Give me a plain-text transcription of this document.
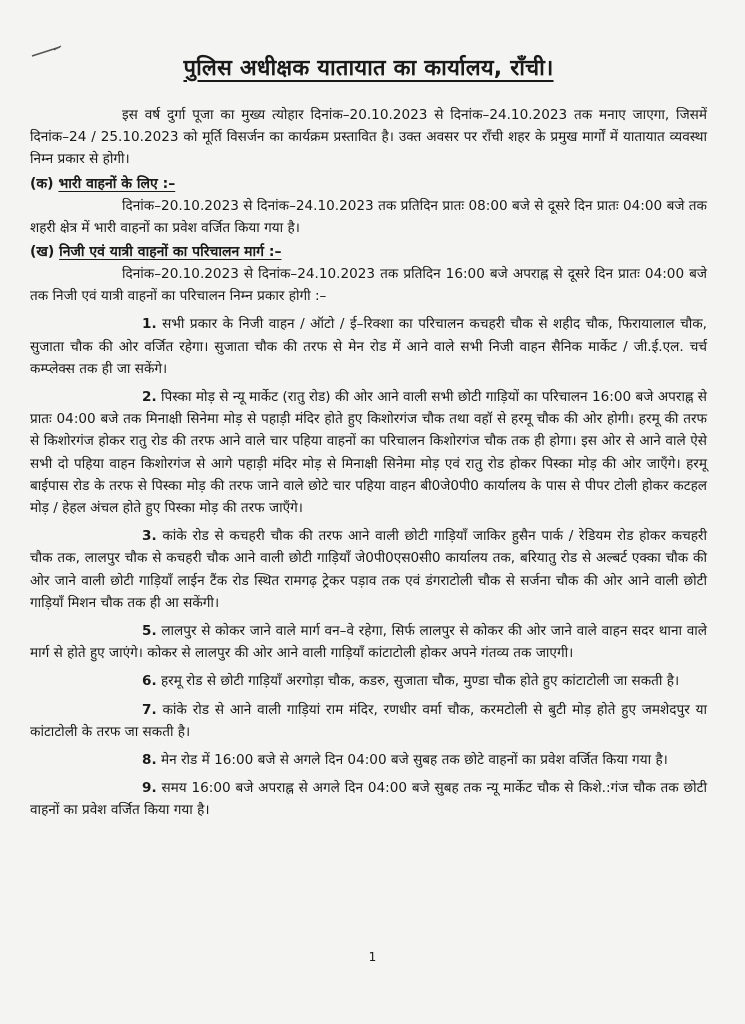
पुलिस अधीक्षक यातायात का कार्यालय, राँची।

इस वर्ष दुर्गा पूजा का मुख्य त्योहार दिनांक–20.10.2023 से दिनांक–24.10.2023 तक मनाए जाएगा, जिसमें दिनांक–24 / 25.10.2023 को मूर्ति विसर्जन का कार्यक्रम प्रस्तावित है। उक्त अवसर पर राँची शहर के प्रमुख मार्गों में यातायात व्यवस्था निम्न प्रकार से होगी।

(क) भारी वाहनों के लिए :–

दिनांक–20.10.2023 से दिनांक–24.10.2023 तक प्रतिदिन प्रातः 08:00 बजे से दूसरे दिन प्रातः 04:00 बजे तक शहरी क्षेत्र में भारी वाहनों का प्रवेश वर्जित किया गया है।

(ख) निजी एवं यात्री वाहनों का परिचालन मार्ग :–

दिनांक–20.10.2023 से दिनांक–24.10.2023 तक प्रतिदिन 16:00 बजे अपराह्न से दूसरे दिन प्रातः 04:00 बजे तक निजी एवं यात्री वाहनों का परिचालन निम्न प्रकार होगी :–

1. सभी प्रकार के निजी वाहन / ऑटो / ई–रिक्शा का परिचालन कचहरी चौक से शहीद चौक, फिरायालाल चौक, सुजाता चौक की ओर वर्जित रहेगा। सुजाता चौक की तरफ से मेन रोड में आने वाले सभी निजी वाहन सैनिक मार्केट / जी.ई.एल. चर्च कम्प्लेक्स तक ही जा सकेंगे।

2. पिस्का मोड़ से न्यू मार्केट (रातु रोड) की ओर आने वाली सभी छोटी गाड़ियों का परिचालन 16:00 बजे अपराह्न से प्रातः 04:00 बजे तक मिनाक्षी सिनेमा मोड़ से पहाड़ी मंदिर होते हुए किशोरगंज चौक तथा वहॉ से हरमू चौक की ओर होगी। हरमू की तरफ से किशोरगंज होकर रातु रोड की तरफ आने वाले चार पहिया वाहनों का परिचालन किशोरगंज चौक तक ही होगा। इस ओर से आने वाले ऐसे सभी दो पहिया वाहन किशोरगंज से आगे पहाड़ी मंदिर मोड़ से मिनाक्षी सिनेमा मोड़ एवं रातु रोड होकर पिस्का मोड़ की ओर जाएँगे। हरमू बाईपास रोड के तरफ से पिस्का मोड़ की तरफ जाने वाले छोटे चार पहिया वाहन बी0जे0पी0 कार्यालय के पास से पीपर टोली होकर कटहल मोड़ / हेहल अंचल होते हुए पिस्का मोड़ की तरफ जाएँगे।

3. कांके रोड से कचहरी चौक की तरफ आने वाली छोटी गाड़ियाँ जाकिर हुसैन पार्क / रेडियम रोड होकर कचहरी चौक तक, लालपुर चौक से कचहरी चौक आने वाली छोटी गाड़ियाँ जे0पी0एस0सी0 कार्यालय तक, बरियातु रोड से अल्बर्ट एक्का चौक की ओर जाने वाली छोटी गाड़ियाँ लाईन टैंक रोड स्थित रामगढ़ ट्रेकर पड़ाव तक एवं डंगराटोली चौक से सर्जना चौक की ओर आने वाली छोटी गाड़ियाँ मिशन चौक तक ही आ सकेंगी।

5. लालपुर से कोकर जाने वाले मार्ग वन–वे रहेगा, सिर्फ लालपुर से कोकर की ओर जाने वाले वाहन सदर थाना वाले मार्ग से होते हुए जाएंगे। कोकर से लालपुर की ओर आने वाली गाड़ियाँ कांटाटोली होकर अपने गंतव्य तक जाएगी।

6. हरमू रोड से छोटी गाड़ियाँ अरगोड़ा चौक, कडरु, सुजाता चौक, मुण्डा चौक होते हुए कांटाटोली जा सकती है।

7. कांके रोड से आने वाली गाड़ियां राम मंदिर, रणधीर वर्मा चौक, करमटोली से बुटी मोड़ होते हुए जमशेदपुर या कांटाटोली के तरफ जा सकती है।

8. मेन रोड में 16:00 बजे से अगले दिन 04:00 बजे सुबह तक छोटे वाहनों का प्रवेश वर्जित किया गया है।

9. समय 16:00 बजे अपराह्न से अगले दिन 04:00 बजे सुबह तक न्यू मार्केट चौक से किशे.:गंज चौक तक छोटी वाहनों का प्रवेश वर्जित किया गया है।

1
